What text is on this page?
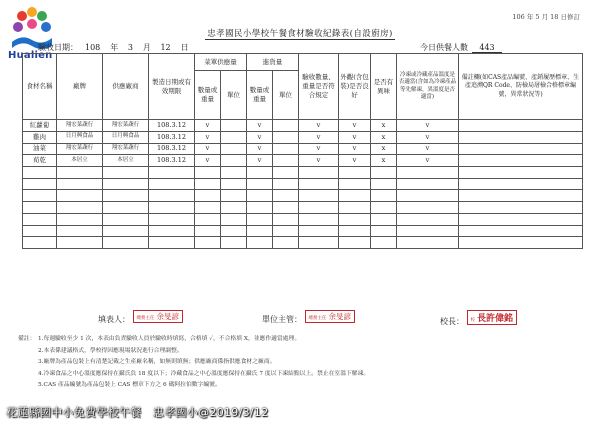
Hualien
106 年 5 月 18 日修訂
忠孝國民小學校午餐食材驗收紀錄表(自設廚房)
驗收日期： 108 年 3 月 12 日	今日供餐人數 443
食材名稱	廠牌	供應廠商	製造日期或有效期限	菜單供應量		進貨量		驗收數量、重量是否符合規定	外觀(含包裝)是否良好	是否有異味	冷凍或冷藏產品溫度是否適當(含如為冷凍產品等先解凍，異溫度是否適當)	備註欄(如CAS產品編號、產銷履歷標章、生產追溯QR Code、防檢局屠檢合格標章編號，異常狀況等)
				數量或重量	單位	數量或重量	單位					
紅蘿蔔	翔宏菜蔬行	翔宏菜蔬行	108.3.12	v		v		v	v	x	v	
雞肉	日月興食品	日月興食品	108.3.12	v		v		v	v	x	v	
油菜	翔宏菜蔬行	翔宏菜蔬行	108.3.12	v		v		v	v	x	v	
荀乾	本居立	本居立	108.3.12	v		v		v	v	x	v	

填表人： 總務主任 余旻諺	單位主管： 總務主任 余旻諺
校長： 校 長許偉銘
備註： 1.每週驗收至少 1 次，本表由負責驗收人員於驗收時填寫，合格填 ✓，不合格填 X，並應作適當處理。
2.本表係建議格式，學校得因應現場狀況進行合理調整。
3.廠牌為產品包裝上有清楚記載之生產廠名稱，如無則填無；供應廠商係指供應食材之廠商。
4.冷凍食品之中心溫度應保持在攝氏負 18 度以下；冷藏食品之中心溫度應保持在攝氏 7 度以下凍結點以上。禁止在室溫下解凍。
5.CAS 產品編號為產品包裝上 CAS 標章下方之 6 碼阿拉伯數字編號。
花蓮縣國中小免費學校午餐　忠孝國小@2019/3/12
